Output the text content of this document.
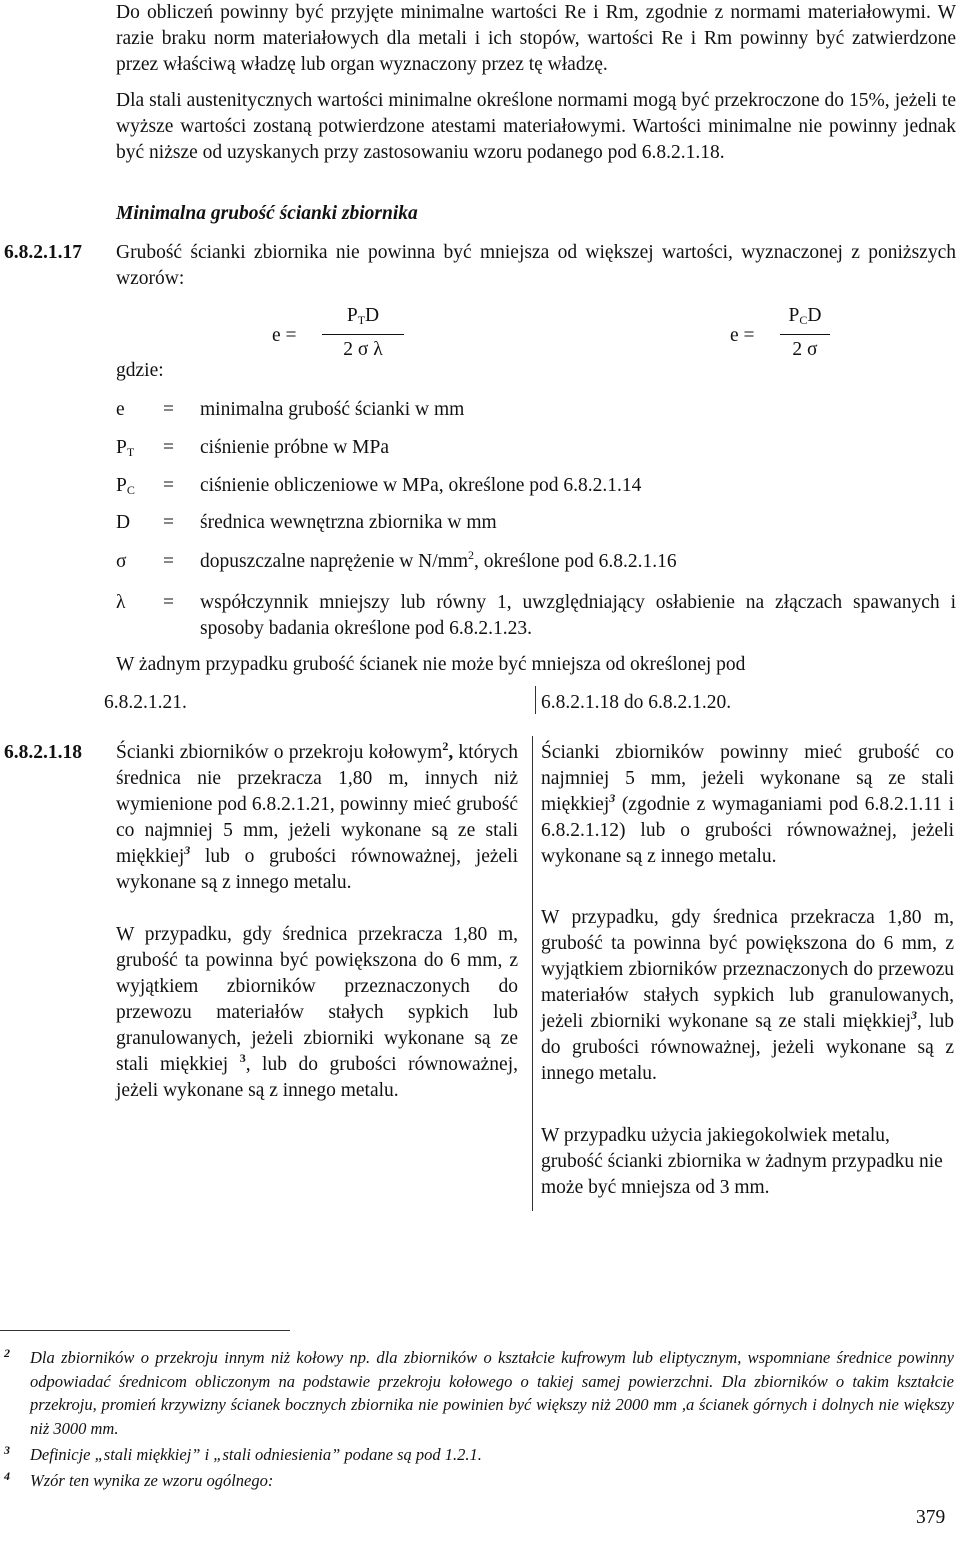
Do obliczeń powinny być przyjęte minimalne wartości Re i Rm, zgodnie z normami materiałowymi. W razie braku norm materiałowych dla metali i ich stopów, wartości Re i Rm powinny być zatwierdzone przez właściwą władzę lub organ wyznaczony przez tę władzę.
Dla stali austenitycznych wartości minimalne określone normami mogą być przekroczone do 15%, jeżeli te wyższe wartości zostaną potwierdzone atestami materiałowymi. Wartości minimalne nie powinny jednak być niższe od uzyskanych przy zastosowaniu wzoru podanego pod 6.8.2.1.18.
Minimalna grubość ścianki zbiornika
6.8.2.1.17 Grubość ścianki zbiornika nie powinna być mniejsza od większej wartości, wyznaczonej z poniższych wzorów:
e =
$P_TD$
2 σ λ
e =
$P_CD$
2 σ
gdzie:
e = minimalna grubość ścianki w mm
$P_T$ = ciśnienie próbne w MPa
$P_C$ = ciśnienie obliczeniowe w MPa, określone pod 6.8.2.1.14
D = średnica wewnętrzna zbiornika w mm
σ = dopuszczalne naprężenie w $N/mm^2$, określone pod 6.8.2.1.16
λ = współczynnik mniejszy lub równy 1, uwzględniający osłabienie na złączach spawanych i sposoby badania określone pod 6.8.2.1.23.
W żadnym przypadku grubość ścianek nie może być mniejsza od określonej pod
6.8.2.1.21.	6.8.2.1.18 do 6.8.2.1.20.
6.8.2.1.18 Ścianki zbiorników o przekroju kołowym$^2$, których średnica nie przekracza 1,80 m, innych niż wymienione pod 6.8.2.1.21, powinny mieć grubość co najmniej 5 mm, jeżeli wykonane są ze stali miękkiej$^3$ lub o grubości równoważnej, jeżeli wykonane są z innego metalu.
W przypadku, gdy średnica przekracza 1,80 m, grubość ta powinna być powiększona do 6 mm, z wyjątkiem zbiorników przeznaczonych do przewozu materiałów stałych sypkich lub granulowanych, jeżeli zbiorniki wykonane są ze stali miękkiej $^3$, lub do grubości równoważnej, jeżeli wykonane są z innego metalu.
Ścianki zbiorników powinny mieć grubość co najmniej 5 mm, jeżeli wykonane są ze stali miękkiej$^3$ (zgodnie z wymaganiami pod 6.8.2.1.11 i 6.8.2.1.12) lub o grubości równoważnej, jeżeli wykonane są z innego metalu.
W przypadku, gdy średnica przekracza 1,80 m, grubość ta powinna być powiększona do 6 mm, z wyjątkiem zbiorników przeznaczonych do przewozu materiałów stałych sypkich lub granulowanych, jeżeli zbiorniki wykonane są ze stali miękkiej$^3$, lub do grubości równoważnej, jeżeli wykonane są z innego metalu.
W przypadku użycia jakiegokolwiek metalu, grubość ścianki zbiornika w żadnym przypadku nie może być mniejsza od 3 mm.
2 Dla zbiorników o przekroju innym niż kołowy np. dla zbiorników o kształcie kufrowym lub eliptycznym, wspomniane średnice powinny odpowiadać średnicom obliczonym na podstawie przekroju kołowego o takiej samej powierzchni. Dla zbiorników o takim kształcie przekroju, promień krzywizny ścianek bocznych zbiornika nie powinien być większy niż 2000 mm ,a ścianek górnych i dolnych nie większy niż 3000 mm.
3 Definicje „stali miękkiej” i „stali odniesienia” podane są pod 1.2.1.
4 Wzór ten wynika ze wzoru ogólnego:
379
